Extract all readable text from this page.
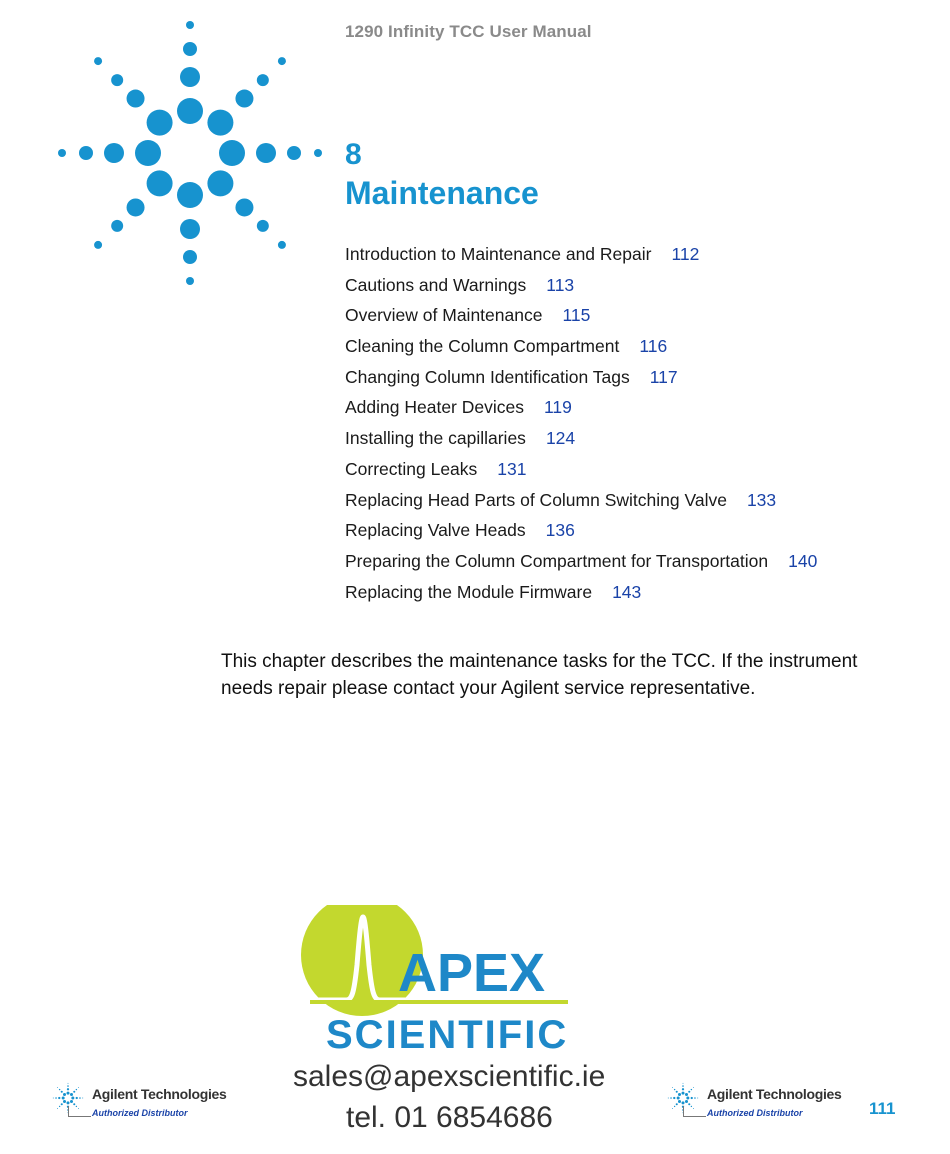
1290 Infinity TCC User Manual
8
Maintenance
Introduction to Maintenance and Repair 112
Cautions and Warnings 113
Overview of Maintenance 115
Cleaning the Column Compartment 116
Changing Column Identification Tags 117
Adding Heater Devices 119
Installing the capillaries 124
Correcting Leaks 131
Replacing Head Parts of Column Switching Valve 133
Replacing Valve Heads 136
Preparing the Column Compartment for Transportation 140
Replacing the Module Firmware 143

This chapter describes the maintenance tasks for the TCC. If the instrument needs repair please contact your Agilent service representative.

APEX
SCIENTIFIC
sales@apexscientific.ie
tel. 01 6854686
Agilent Technologies
Authorized Distributor
Agilent Technologies
Authorized Distributor	111
